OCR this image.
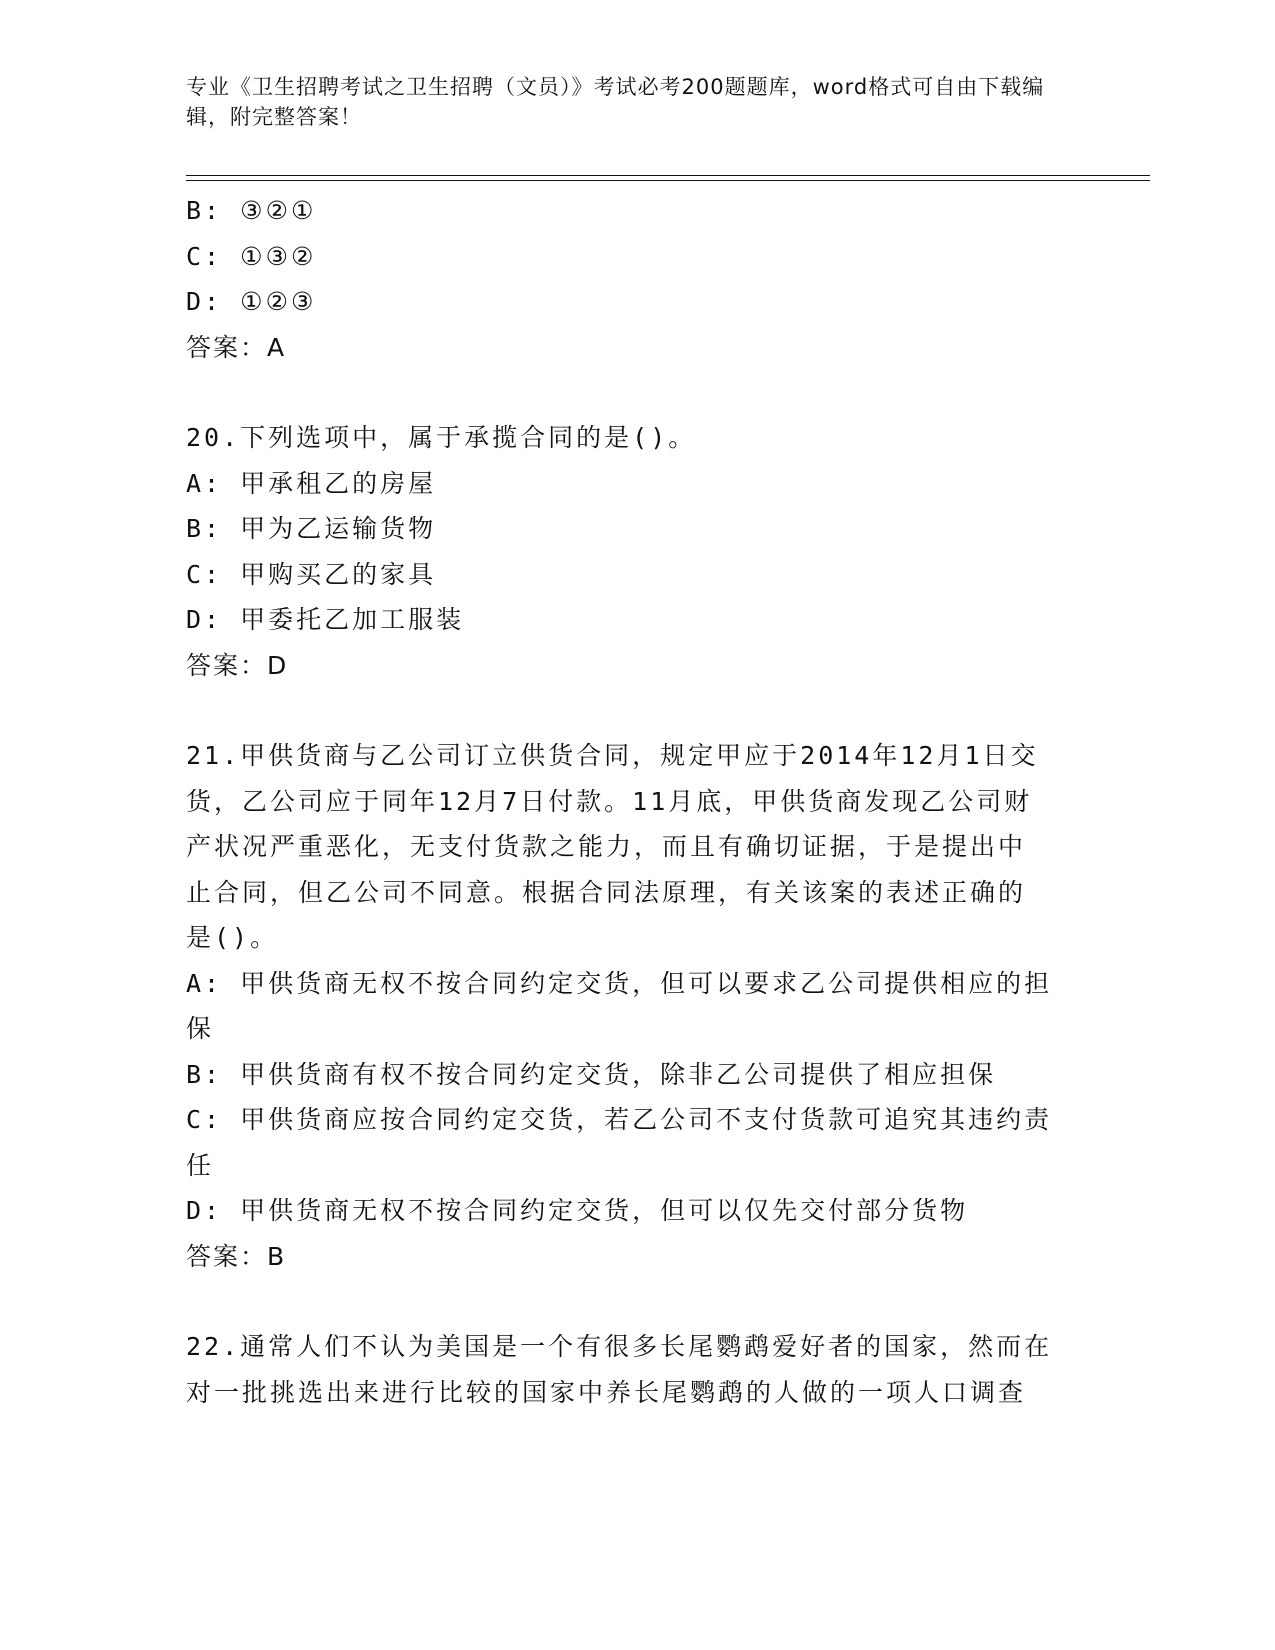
专业《卫生招聘考试之卫生招聘（文员）》考试必考200题题库，word格式可自由下载编辑，附完整答案！
B: ③②①
C: ①③②
D: ①②③
答案：A
20.下列选项中，属于承揽合同的是()。
A: 甲承租乙的房屋
B: 甲为乙运输货物
C: 甲购买乙的家具
D: 甲委托乙加工服装
答案：D
21.甲供货商与乙公司订立供货合同，规定甲应于2014年12月1日交
货，乙公司应于同年12月7日付款。11月底，甲供货商发现乙公司财
产状况严重恶化，无支付货款之能力，而且有确切证据，于是提出中
止合同，但乙公司不同意。根据合同法原理，有关该案的表述正确的
是()。
A: 甲供货商无权不按合同约定交货，但可以要求乙公司提供相应的担
保
B: 甲供货商有权不按合同约定交货，除非乙公司提供了相应担保
C: 甲供货商应按合同约定交货，若乙公司不支付货款可追究其违约责
任
D: 甲供货商无权不按合同约定交货，但可以仅先交付部分货物
答案：B
22.通常人们不认为美国是一个有很多长尾鹦鹉爱好者的国家，然而在
对一批挑选出来进行比较的国家中养长尾鹦鹉的人做的一项人口调查
